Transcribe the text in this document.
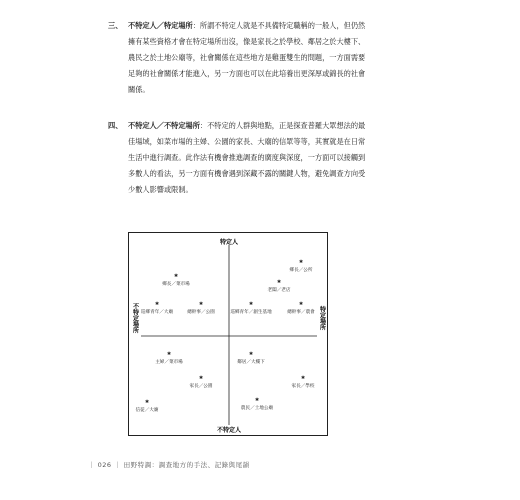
三、 不特定人／特定場所：所謂不特定人就是不具備特定職稱的一般人，但仍然擁有某些資格才會在特定場所出沒，像是家長之於學校、鄰居之於大樓下、農民之於土地公廟等，社會關係在這些地方是雞蛋雙生的問題，一方面需要足夠的社會關係才能進入，另一方面也可以在此培養出更深厚或錦長的社會關係。
四、 不特定人／不特定場所：不特定的人群與地點，正是探查普羅大眾想法的最佳場域，如菜市場的主婦、公園的家長、大廟的信眾等等，其實就是在日常生活中進行調查。此作法有機會推進調查的廣度與深度，一方面可以接觸到多數人的看法，另一方面有機會遇到深藏不露的關鍵人物，避免調查方向受少數人影響或限制。
特定人
不特定人
不特定場所	特定場所
✱
鄉長／菜市場
✱
巡鄉青年／大廟
✱
總幹事／公園
✱
鄉長／公所
✱
老闆／老店
✱
巡鄉青年／創生基地
✱
總幹事／農會
✱
主婦／菜市場
✱
家長／公園
✱
信徒／大廟
✱
鄰居／大樓下
✱
家長／學校
✱
農民／土地公廟
｜ 026 ｜ 田野特調：調查地方的手法、記錄與尾韻
